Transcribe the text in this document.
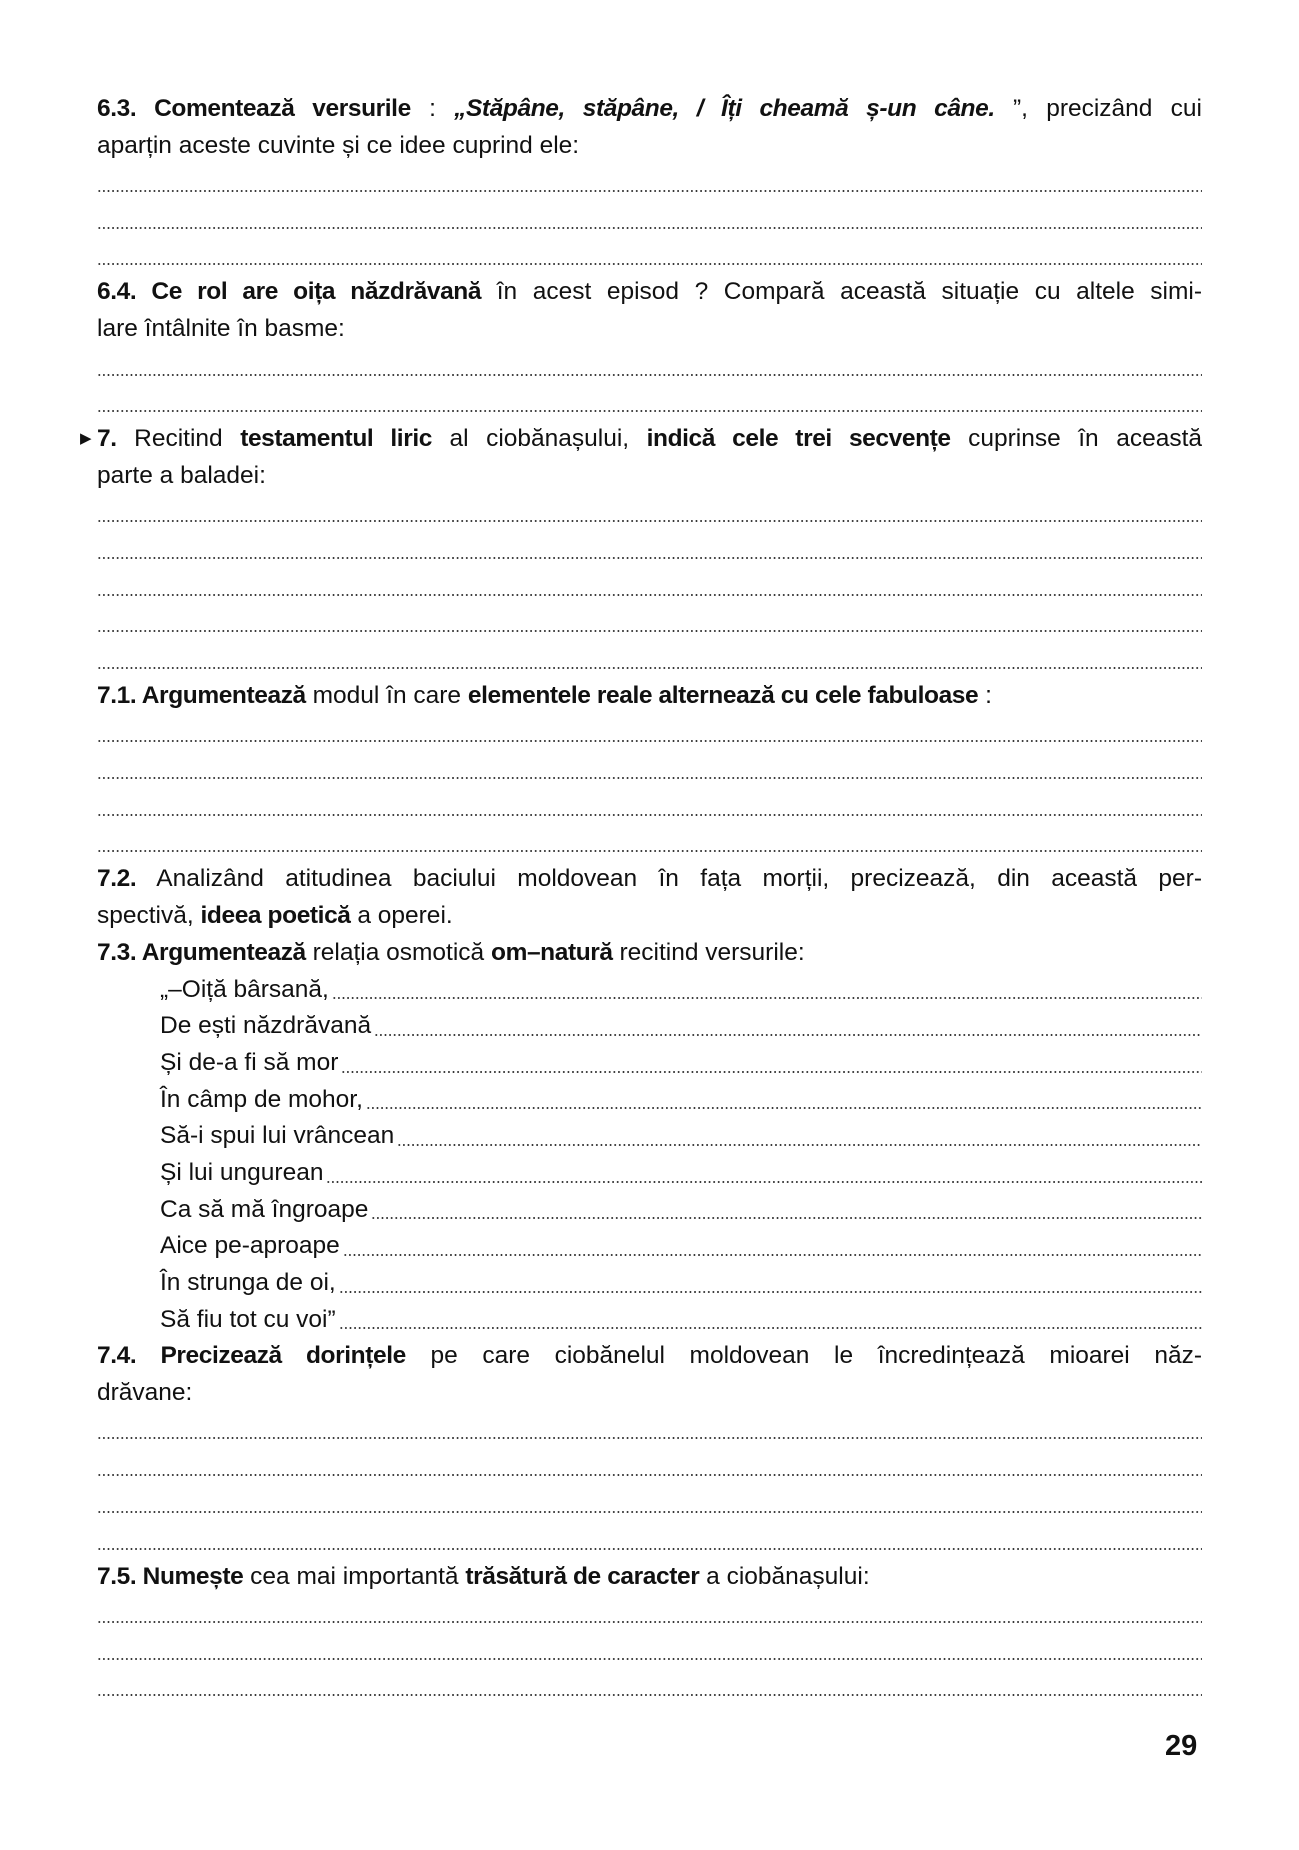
6.3. Comentează versurile : „Stăpâne, stăpâne, / Îți cheamă ș-un câne. ”, precizând cui
aparțin aceste cuvinte și ce idee cuprind ele:
6.4. Ce rol are oița năzdrăvană în acest episod ? Compară această situație cu altele simi-
lare întâlnite în basme:
▶ 7. Recitind testamentul liric al ciobănașului, indică cele trei secvențe cuprinse în această
parte a baladei:
7.1. Argumentează modul în care elementele reale alternează cu cele fabuloase :
7.2. Analizând atitudinea baciului moldovean în fața morții, precizează, din această per-
spectivă, ideea poetică a operei.
7.3. Argumentează relația osmotică om–natură recitind versurile:
„–Oiță bârsană,
De ești năzdrăvană
Și de-a fi să mor
În câmp de mohor,
Să-i spui lui vrâncean
Și lui ungurean
Ca să mă îngroape
Aice pe-aproape
În strunga de oi,
Să fiu tot cu voi”
7.4. Precizează dorințele pe care ciobănelul moldovean le încredințează mioarei năz-
drăvane:
7.5. Numește cea mai importantă trăsătură de caracter a ciobănașului:
29
